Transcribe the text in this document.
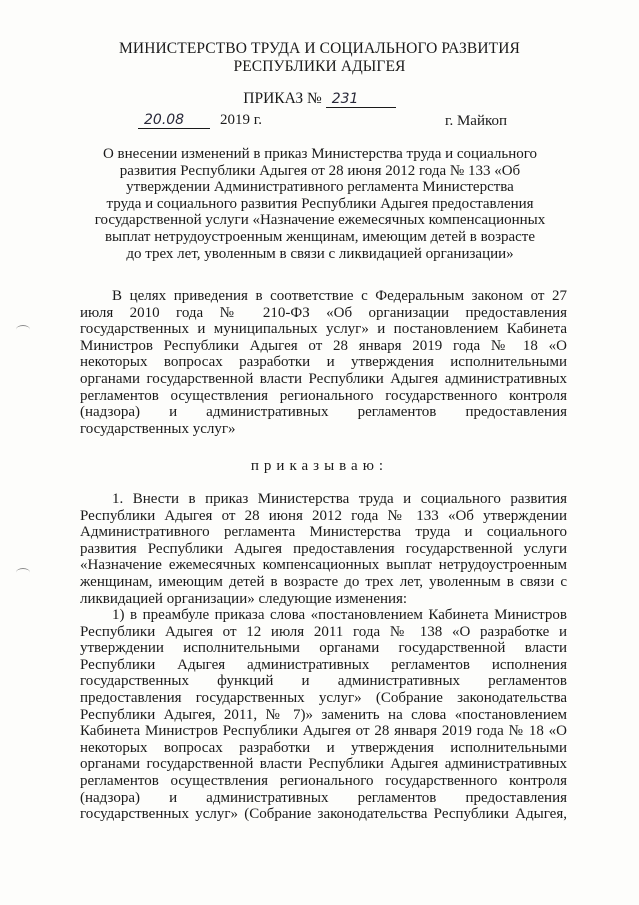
МИНИСТЕРСТВО ТРУДА И СОЦИАЛЬНОГО РАЗВИТИЯ
РЕСПУБЛИКИ АДЫГЕЯ
ПРИКАЗ № 231
20.08 2019 г.	г. Майкоп
О внесении изменений в приказ Министерства труда и социального
развития Республики Адыгея от 28 июня 2012 года № 133 «Об
утверждении Административного регламента Министерства
труда и социального развития Республики Адыгея предоставления
государственной услуги «Назначение ежемесячных компенсационных
выплат нетрудоустроенным женщинам, имеющим детей в возрасте
до трех лет, уволенным в связи с ликвидацией организации»
В целях приведения в соответствие с Федеральным законом от 27
июля 2010 года № 210-ФЗ «Об организации предоставления
государственных и муниципальных услуг» и постановлением Кабинета
Министров Республики Адыгея от 28 января 2019 года № 18 «О
некоторых вопросах разработки и утверждения исполнительными
органами государственной власти Республики Адыгея административных
регламентов осуществления регионального государственного контроля
(надзора) и административных регламентов предоставления
государственных услуг»
приказываю:
1. Внести в приказ Министерства труда и социального развития
Республики Адыгея от 28 июня 2012 года № 133 «Об утверждении
Административного регламента Министерства труда и социального
развития Республики Адыгея предоставления государственной услуги
«Назначение ежемесячных компенсационных выплат нетрудоустроенным
женщинам, имеющим детей в возрасте до трех лет, уволенным в связи с
ликвидацией организации» следующие изменения:
1) в преамбуле приказа слова «постановлением Кабинета Министров
Республики Адыгея от 12 июля 2011 года № 138 «О разработке и
утверждении исполнительными органами государственной власти
Республики Адыгея административных регламентов исполнения
государственных функций и административных регламентов
предоставления государственных услуг» (Собрание законодательства
Республики Адыгея, 2011, № 7)» заменить на слова «постановлением
Кабинета Министров Республики Адыгея от 28 января 2019 года № 18 «О
некоторых вопросах разработки и утверждения исполнительными
органами государственной власти Республики Адыгея административных
регламентов осуществления регионального государственного контроля
(надзора) и административных регламентов предоставления
государственных услуг» (Собрание законодательства Республики Адыгея,
